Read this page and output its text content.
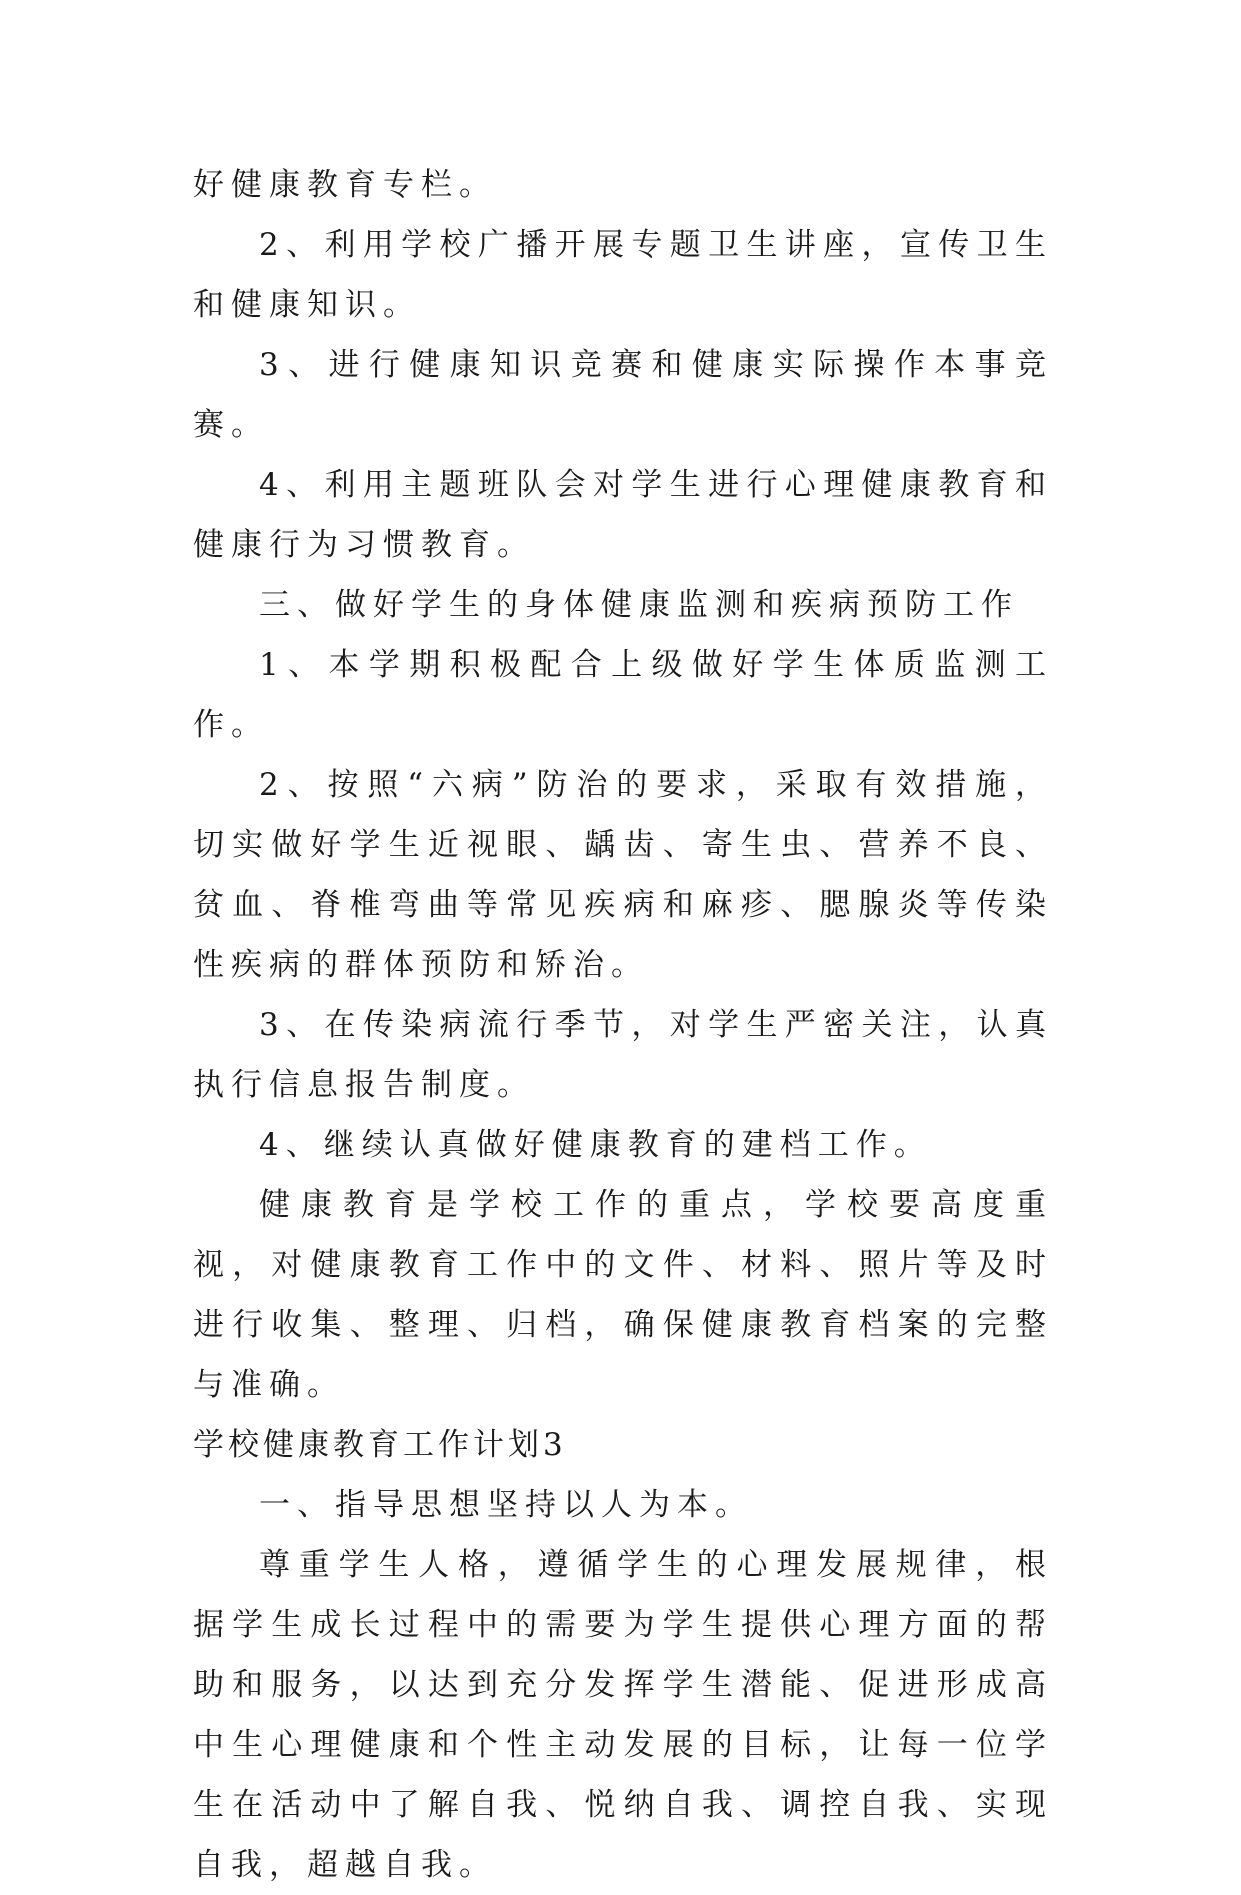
好健康教育专栏。

2、利用学校广播开展专题卫生讲座，宣传卫生和健康知识。

3、进行健康知识竞赛和健康实际操作本事竞赛。

4、利用主题班队会对学生进行心理健康教育和健康行为习惯教育。

三、做好学生的身体健康监测和疾病预防工作

1、本学期积极配合上级做好学生体质监测工作。

2、按照“六病”防治的要求，采取有效措施，切实做好学生近视眼、龋齿、寄生虫、营养不良、贫血、脊椎弯曲等常见疾病和麻疹、腮腺炎等传染性疾病的群体预防和矫治。

3、在传染病流行季节，对学生严密关注，认真执行信息报告制度。

4、继续认真做好健康教育的建档工作。

健康教育是学校工作的重点，学校要高度重视，对健康教育工作中的文件、材料、照片等及时进行收集、整理、归档，确保健康教育档案的完整与准确。

学校健康教育工作计划3

一、指导思想坚持以人为本。

尊重学生人格，遵循学生的心理发展规律，根据学生成长过程中的需要为学生提供心理方面的帮助和服务，以达到充分发挥学生潜能、促进形成高中生心理健康和个性主动发展的目标，让每一位学生在活动中了解自我、悦纳自我、调控自我、实现自我，超越自我。
